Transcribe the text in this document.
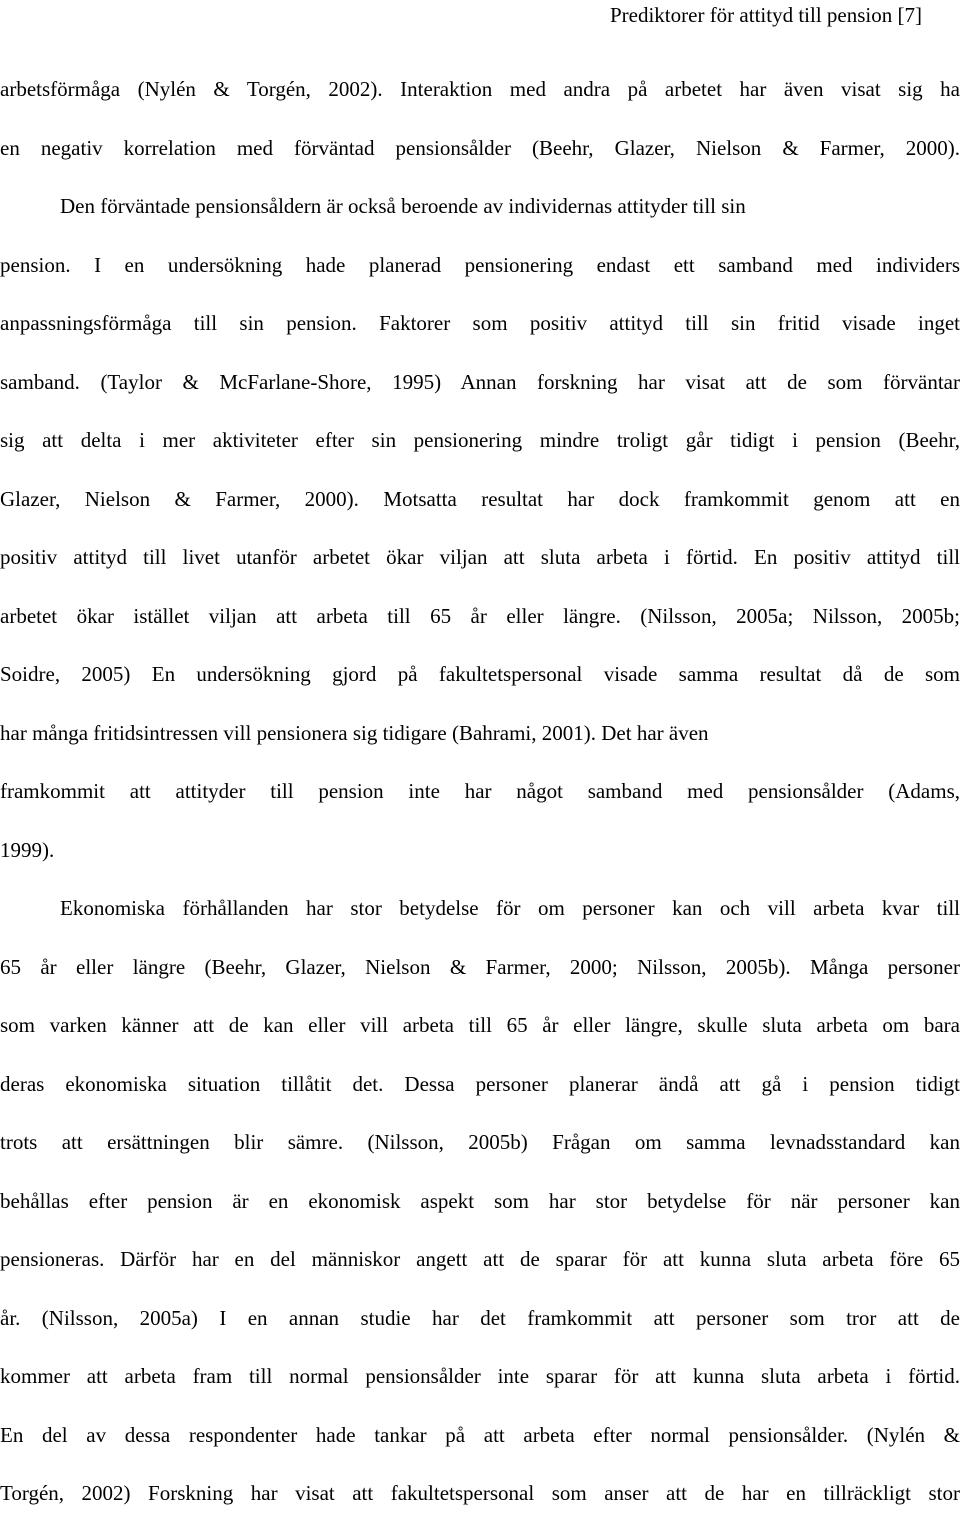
Prediktorer för attityd till pension [7]

arbetsförmåga (Nylén & Torgén, 2002). Interaktion med andra på arbetet har även visat sig ha

en negativ korrelation med förväntad pensionsålder (Beehr, Glazer, Nielson & Farmer, 2000).

Den förväntade pensionsåldern är också beroende av individernas attityder till sin

pension. I en undersökning hade planerad pensionering endast ett samband med individers

anpassningsförmåga till sin pension. Faktorer som positiv attityd till sin fritid visade inget

samband. (Taylor & McFarlane-Shore, 1995) Annan forskning har visat att de som förväntar

sig att delta i mer aktiviteter efter sin pensionering mindre troligt går tidigt i pension (Beehr,

Glazer, Nielson & Farmer, 2000). Motsatta resultat har dock framkommit genom att en

positiv attityd till livet utanför arbetet ökar viljan att sluta arbeta i förtid. En positiv attityd till

arbetet ökar istället viljan att arbeta till 65 år eller längre. (Nilsson, 2005a; Nilsson, 2005b;

Soidre, 2005) En undersökning gjord på fakultetspersonal visade samma resultat då de som

har många fritidsintressen vill pensionera sig tidigare (Bahrami, 2001). Det har även

framkommit att attityder till pension inte har något samband med pensionsålder (Adams,

1999).

Ekonomiska förhållanden har stor betydelse för om personer kan och vill arbeta kvar till

65 år eller längre (Beehr, Glazer, Nielson & Farmer, 2000; Nilsson, 2005b). Många personer

som varken känner att de kan eller vill arbeta till 65 år eller längre, skulle sluta arbeta om bara

deras ekonomiska situation tillåtit det. Dessa personer planerar ändå att gå i pension tidigt

trots att ersättningen blir sämre. (Nilsson, 2005b) Frågan om samma levnadsstandard kan

behållas efter pension är en ekonomisk aspekt som har stor betydelse för när personer kan

pensioneras. Därför har en del människor angett att de sparar för att kunna sluta arbeta före 65

år. (Nilsson, 2005a) I en annan studie har det framkommit att personer som tror att de

kommer att arbeta fram till normal pensionsålder inte sparar för att kunna sluta arbeta i förtid.

En del av dessa respondenter hade tankar på att arbeta efter normal pensionsålder. (Nylén &

Torgén, 2002) Forskning har visat att fakultetspersonal som anser att de har en tillräckligt stor
